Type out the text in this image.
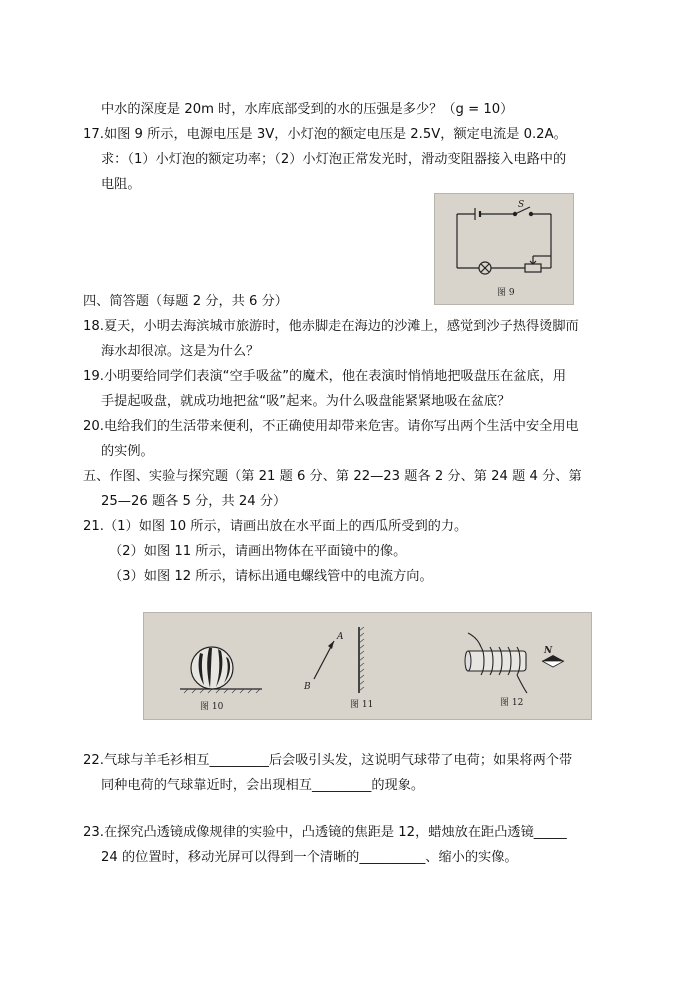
中水的深度是 20m 时，水库底部受到的水的压强是多少？（g = 10）
17.如图 9 所示，电源电压是 3V，小灯泡的额定电压是 2.5V，额定电流是 0.2A。
求：（1）小灯泡的额定功率；（2）小灯泡正常发光时，滑动变阻器接入电路中的
电阻。
S
图 9
四、简答题（每题 2 分，共 6 分）
18.夏天，小明去海滨城市旅游时，他赤脚走在海边的沙滩上，感觉到沙子热得烫脚而
海水却很凉。这是为什么？
19.小明要给同学们表演“空手吸盆”的魔术，他在表演时悄悄地把吸盘压在盆底，用
手提起吸盘，就成功地把盆“吸”起来。为什么吸盘能紧紧地吸在盆底？
20.电给我们的生活带来便利，不正确使用却带来危害。请你写出两个生活中安全用电
的实例。
五、作图、实验与探究题（第 21 题 6 分、第 22—23 题各 2 分、第 24 题 4 分、第
25—26 题各 5 分，共 24 分）
21.（1）如图 10 所示，请画出放在水平面上的西瓜所受到的力。
（2）如图 11 所示，请画出物体在平面镜中的像。
（3）如图 12 所示，请标出通电螺线管中的电流方向。
图 10
A
B
图 11
N
图 12
22.气球与羊毛衫相互_________后会吸引头发，这说明气球带了电荷；如果将两个带
同种电荷的气球靠近时，会出现相互_________的现象。
23.在探究凸透镜成像规律的实验中，凸透镜的焦距是 12，蜡烛放在距凸透镜_____
24 的位置时，移动光屏可以得到一个清晰的__________、缩小的实像。
